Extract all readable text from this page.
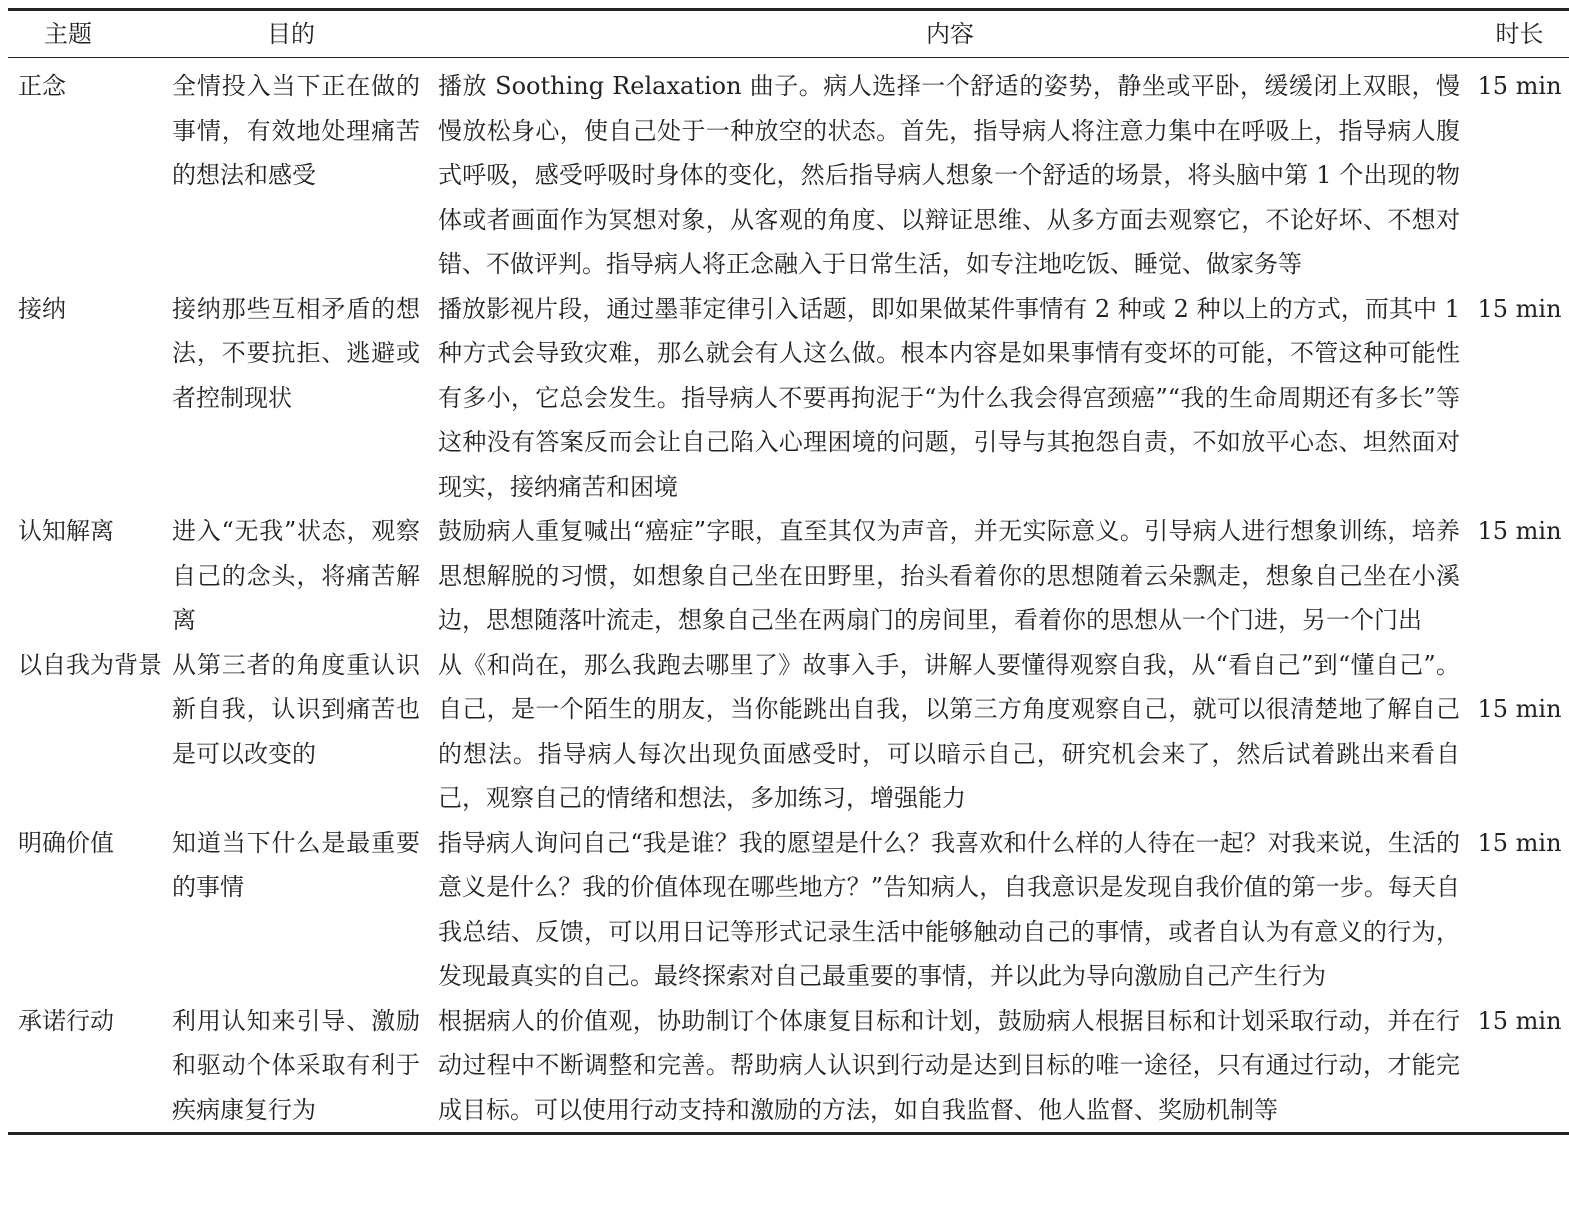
主题	目的	内容	时长
正念	全情投入当下正在做的事情，有效地处理痛苦的想法和感受	播放 Soothing Relaxation 曲子。病人选择一个舒适的姿势，静坐或平卧，缓缓闭上双眼，慢慢放松身心，使自己处于一种放空的状态。首先，指导病人将注意力集中在呼吸上，指导病人腹式呼吸，感受呼吸时身体的变化，然后指导病人想象一个舒适的场景，将头脑中第 1 个出现的物体或者画面作为冥想对象，从客观的角度、以辩证思维、从多方面去观察它，不论好坏、不想对错、不做评判。指导病人将正念融入于日常生活，如专注地吃饭、睡觉、做家务等	15 min
接纳	接纳那些互相矛盾的想法，不要抗拒、逃避或者控制现状	播放影视片段，通过墨菲定律引入话题，即如果做某件事情有 2 种或 2 种以上的方式，而其中 1 种方式会导致灾难，那么就会有人这么做。根本内容是如果事情有变坏的可能，不管这种可能性有多小，它总会发生。指导病人不要再拘泥于“为什么我会得宫颈癌”“我的生命周期还有多长”等这种没有答案反而会让自己陷入心理困境的问题，引导与其抱怨自责，不如放平心态、坦然面对现实，接纳痛苦和困境	15 min
认知解离	进入“无我”状态，观察自己的念头，将痛苦解离	鼓励病人重复喊出“癌症”字眼，直至其仅为声音，并无实际意义。引导病人进行想象训练，培养思想解脱的习惯，如想象自己坐在田野里，抬头看着你的思想随着云朵飘走，想象自己坐在小溪边，思想随落叶流走，想象自己坐在两扇门的房间里，看着你的思想从一个门进，另一个门出	15 min
以自我为背景	从第三者的角度重认识新自我，认识到痛苦也是可以改变的	从《和尚在，那么我跑去哪里了》故事入手，讲解人要懂得观察自我，从“看自己”到“懂自己”。自己，是一个陌生的朋友，当你能跳出自我，以第三方角度观察自己，就可以很清楚地了解自己的想法。指导病人每次出现负面感受时，可以暗示自己，研究机会来了，然后试着跳出来看自己，观察自己的情绪和想法，多加练习，增强能力	15 min
明确价值	知道当下什么是最重要的事情	指导病人询问自己“我是谁？我的愿望是什么？我喜欢和什么样的人待在一起？对我来说，生活的意义是什么？我的价值体现在哪些地方？”告知病人，自我意识是发现自我价值的第一步。每天自我总结、反馈，可以用日记等形式记录生活中能够触动自己的事情，或者自认为有意义的行为，发现最真实的自己。最终探索对自己最重要的事情，并以此为导向激励自己产生行为	15 min
承诺行动	利用认知来引导、激励和驱动个体采取有利于疾病康复行为	根据病人的价值观，协助制订个体康复目标和计划，鼓励病人根据目标和计划采取行动，并在行动过程中不断调整和完善。帮助病人认识到行动是达到目标的唯一途径，只有通过行动，才能完成目标。可以使用行动支持和激励的方法，如自我监督、他人监督、奖励机制等	15 min
